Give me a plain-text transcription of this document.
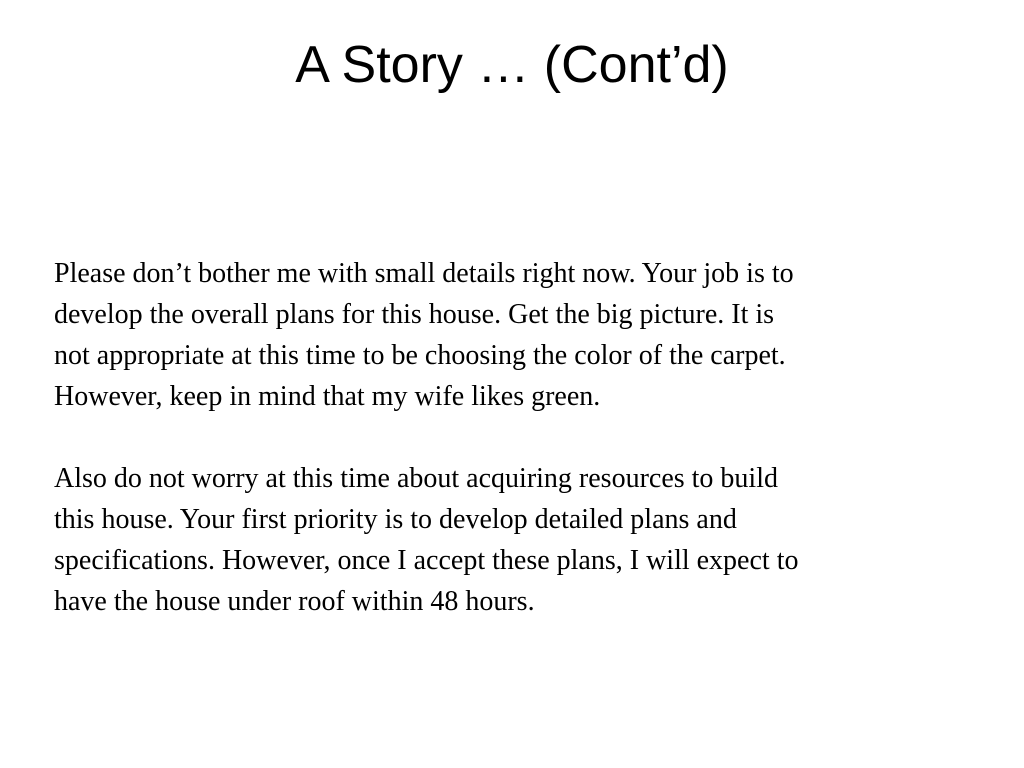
A Story … (Cont’d)
Please don’t bother me with small details right now. Your job is to
develop the overall plans for this house. Get the big picture. It is
not appropriate at this time to be choosing the color of the carpet.
However, keep in mind that my wife likes green.
Also do not worry at this time about acquiring resources to build
this house. Your first priority is to develop detailed plans and
specifications. However, once I accept these plans, I will expect to
have the house under roof within 48 hours.
